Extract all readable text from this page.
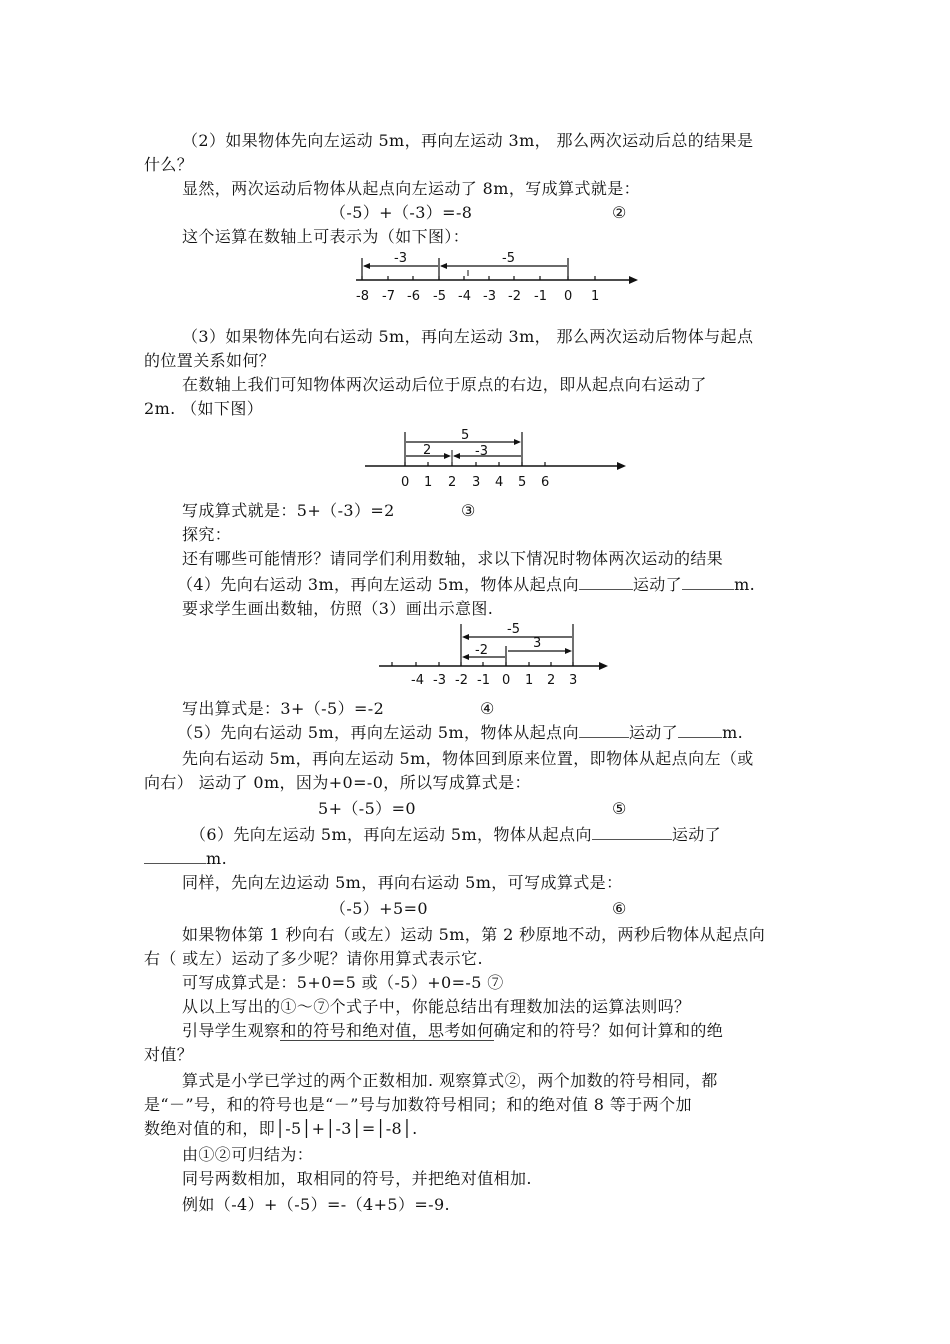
（2）如果物体先向左运动 5m，再向左运动 3m， 那么两次运动后总的结果是
什么？
显然，两次运动后物体从起点向左运动了 8m，写成算式就是：
（-5）+（-3）=-8	②
这个运算在数轴上可表示为（如下图）：
-3	-5
-8 -7 -6 -5 -4 -3 -2 -1 0 1
（3）如果物体先向右运动 5m，再向左运动 3m， 那么两次运动后物体与起点
的位置关系如何？
在数轴上我们可知物体两次运动后位于原点的右边，即从起点向右运动了
2m. （如下图）
5
2	-3
0 1 2 3 4 5 6
写成算式就是：5+（-3）=2	③
探究：
还有哪些可能情形？请同学们利用数轴，求以下情况时物体两次运动的结果
（4）先向右运动 3m，再向左运动 5m，物体从起点向	运动了	m.
要求学生画出数轴，仿照（3）画出示意图.
-5
-2	3
-4 -3 -2 -1 0 1 2 3
写出算式是：3+（-5）=-2	④
（5）先向右运动 5m，再向左运动 5m，物体从起点向	运动了	m.
先向右运动 5m，再向左运动 5m，物体回到原来位置，即物体从起点向左（或
向右） 运动了 0m，因为+0=-0，所以写成算式是：
5+（-5）=0	⑤
（6）先向左运动 5m，再向左运动 5m，物体从起点向	运动了
m.
同样，先向左边运动 5m，再向右运动 5m，可写成算式是：
（-5）+5=0	⑥
如果物体第 1 秒向右（或左）运动 5m，第 2 秒原地不动，两秒后物体从起点向
右（ 或左）运动了多少呢？请你用算式表示它.
可写成算式是：5+0=5 或（-5）+0=-5 ⑦
从以上写出的①～⑦个式子中，你能总结出有理数加法的运算法则吗？
引导学生观察和的符号和绝对值，思考如何确定和的符号？如何计算和的绝
对值？
算式是小学已学过的两个正数相加. 观察算式②，两个加数的符号相同，都
是“－”号，和的符号也是“－”号与加数符号相同；和的绝对值 8 等于两个加
数绝对值的和，即│-5│+│-3│=│-8│.
由①②可归结为：
同号两数相加，取相同的符号，并把绝对值相加.
例如（-4）+（-5）=-（4+5）=-9.
